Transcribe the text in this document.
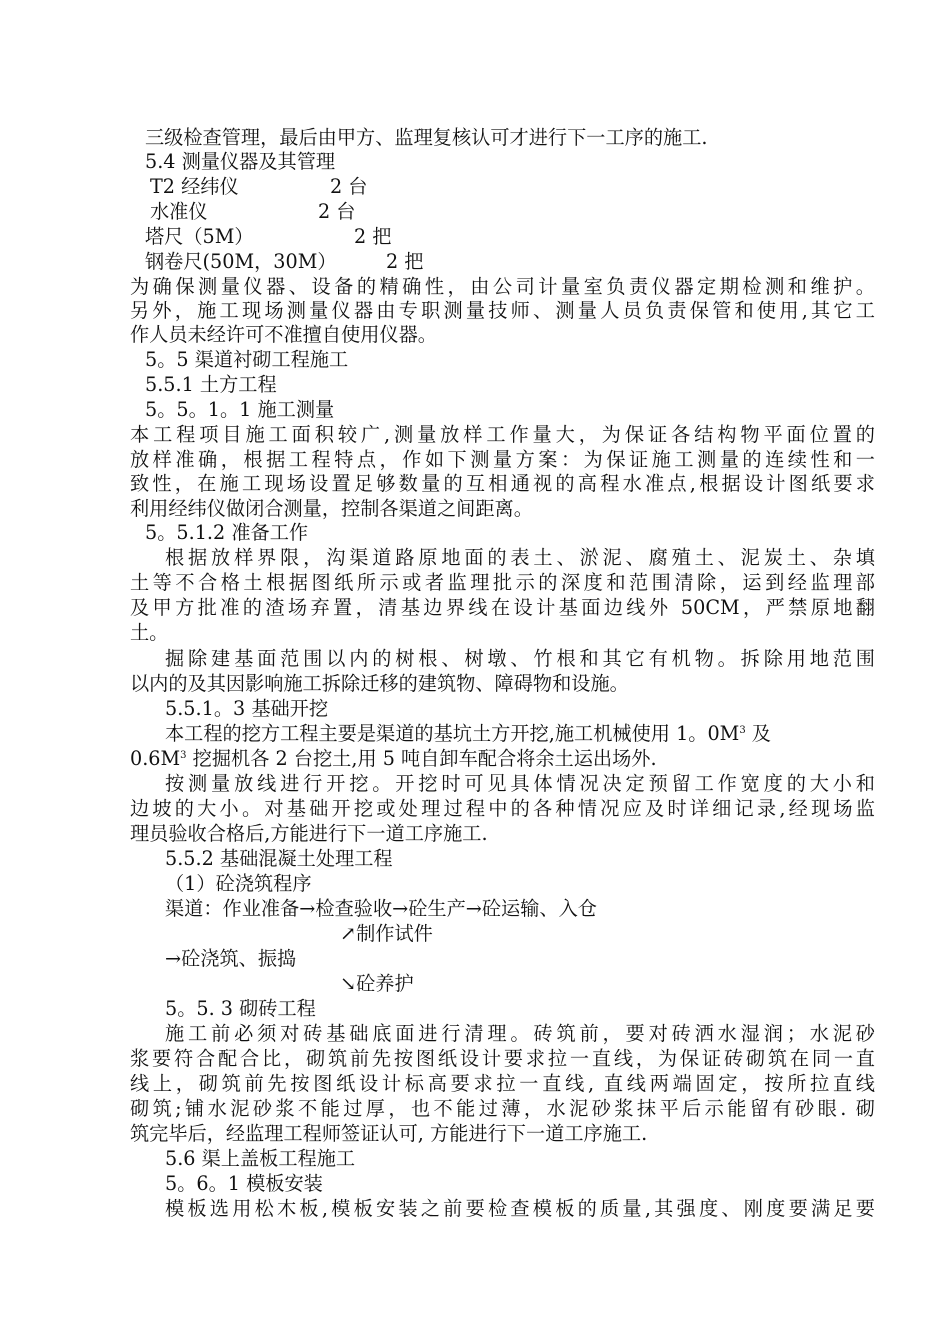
三级检查管理，最后由甲方、监理复核认可才进行下一工序的施工.
5.4 测量仪器及其管理
T2 经纬仪	2 台
水准仪	2 台
塔尺（5M）	2 把
钢卷尺(50M，30M）	2 把
为确保测量仪器、设备的精确性，由公司计量室负责仪器定期检测和维护。
另外，施工现场测量仪器由专职测量技师、测量人员负责保管和使用,其它工
作人员未经许可不准擅自使用仪器。
5。5 渠道衬砌工程施工
5.5.1 土方工程
5。5。1。1 施工测量
本工程项目施工面积较广,测量放样工作量大，为保证各结构物平面位置的
放样准确，根据工程特点，作如下测量方案：为保证施工测量的连续性和一
致性，在施工现场设置足够数量的互相通视的高程水准点,根据设计图纸要求
利用经纬仪做闭合测量，控制各渠道之间距离。
5。5.1.2 准备工作
根据放样界限，沟渠道路原地面的表土、淤泥、腐殖土、泥炭土、杂填
土等不合格土根据图纸所示或者监理批示的深度和范围清除，运到经监理部
及甲方批准的渣场弃置，清基边界线在设计基面边线外 50CM，严禁原地翻
土。
掘除建基面范围以内的树根、树墩、竹根和其它有机物。拆除用地范围
以内的及其因影响施工拆除迁移的建筑物、障碍物和设施。
5.5.1。3 基础开挖
本工程的挖方工程主要是渠道的基坑土方开挖,施工机械使用 1。$0M^3$ 及
$0.6M^3$ 挖掘机各 2 台挖土,用 5 吨自卸车配合将余土运出场外.
按测量放线进行开挖。开挖时可见具体情况决定预留工作宽度的大小和
边坡的大小。对基础开挖或处理过程中的各种情况应及时详细记录,经现场监
理员验收合格后,方能进行下一道工序施工.
5.5.2 基础混凝土处理工程
（1）砼浇筑程序
渠道：作业准备→检查验收→砼生产→砼运输、入仓
↗制作试件
→砼浇筑、振捣
↘砼养护
5。5. 3 砌砖工程
施工前必须对砖基础底面进行清理。砖筑前，要对砖洒水湿润；水泥砂
浆要符合配合比，砌筑前先按图纸设计要求拉一直线，为保证砖砌筑在同一直
线上，砌筑前先按图纸设计标高要求拉一直线, 直线两端固定，按所拉直线
砌筑;铺水泥砂浆不能过厚，也不能过薄，水泥砂浆抹平后示能留有砂眼. 砌
筑完毕后，经监理工程师签证认可, 方能进行下一道工序施工.
5.6 渠上盖板工程施工
5。6。1 模板安装
模板选用松木板,模板安装之前要检查模板的质量,其强度、刚度要满足要
